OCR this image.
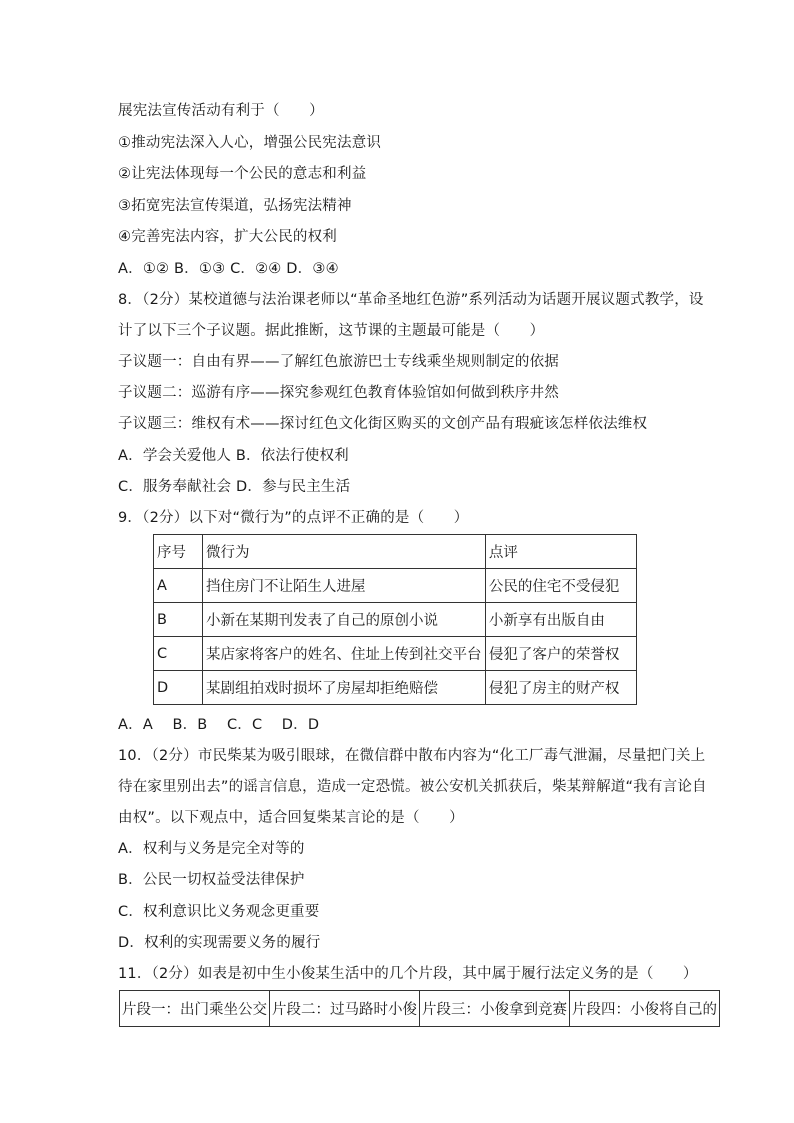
展宪法宣传活动有利于（　　）
①推动宪法深入人心，增强公民宪法意识
②让宪法体现每一个公民的意志和利益
③拓宽宪法宣传渠道，弘扬宪法精神
④完善宪法内容，扩大公民的权利
A．①② B．①③ C．②④ D．③④
8．（2分）某校道德与法治课老师以“革命圣地红色游”系列活动为话题开展议题式教学，设
计了以下三个子议题。据此推断，这节课的主题最可能是（　　）
子议题一：自由有界——了解红色旅游巴士专线乘坐规则制定的依据
子议题二：巡游有序——探究参观红色教育体验馆如何做到秩序井然
子议题三：维权有术——探讨红色文化街区购买的文创产品有瑕疵该怎样依法维权
A．学会关爱他人 B．依法行使权利
C．服务奉献社会 D．参与民主生活
9．（2分）以下对“微行为”的点评不正确的是（　　）
序号	微行为	点评
A	挡住房门不让陌生人进屋	公民的住宅不受侵犯
B	小新在某期刊发表了自己的原创小说	小新享有出版自由
C	某店家将客户的姓名、住址上传到社交平台	侵犯了客户的荣誉权
D	某剧组拍戏时损坏了房屋却拒绝赔偿	侵犯了房主的财产权
A．A　 B．B　 C．C　 D．D
10．（2分）市民柴某为吸引眼球，在微信群中散布内容为“化工厂毒气泄漏，尽量把门关上
待在家里别出去”的谣言信息，造成一定恐慌。被公安机关抓获后，柴某辩解道“我有言论自
由权”。以下观点中，适合回复柴某言论的是（　　）
A．权利与义务是完全对等的
B．公民一切权益受法律保护
C．权利意识比义务观念更重要
D．权利的实现需要义务的履行
11．（2分）如表是初中生小俊某生活中的几个片段，其中属于履行法定义务的是（　　）
片段一：出门乘坐公交	片段二：过马路时小俊	片段三：小俊拿到竞赛	片段四：小俊将自己的
